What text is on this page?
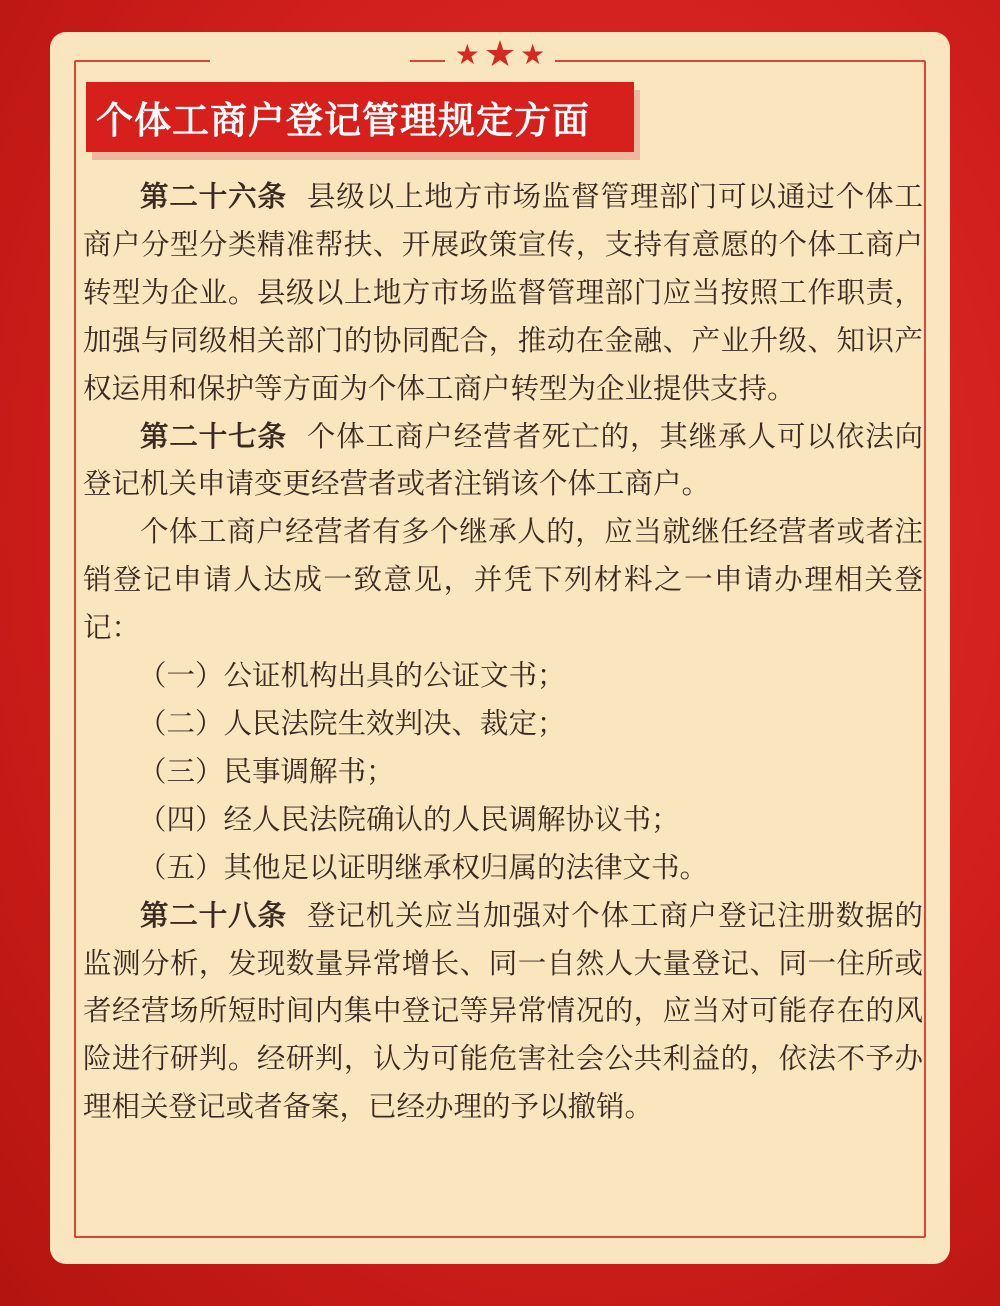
★ ★ ★
个体工商户登记管理规定方面

第二十六条 县级以上地方市场监督管理部门可以通过个体工商户分型分类精准帮扶、开展政策宣传，支持有意愿的个体工商户转型为企业。县级以上地方市场监督管理部门应当按照工作职责，加强与同级相关部门的协同配合，推动在金融、产业升级、知识产权运用和保护等方面为个体工商户转型为企业提供支持。

第二十七条 个体工商户经营者死亡的，其继承人可以依法向登记机关申请变更经营者或者注销该个体工商户。

个体工商户经营者有多个继承人的，应当就继任经营者或者注销登记申请人达成一致意见，并凭下列材料之一申请办理相关登记：

（一）公证机构出具的公证文书；

（二）人民法院生效判决、裁定；

（三）民事调解书；

（四）经人民法院确认的人民调解协议书；

（五）其他足以证明继承权归属的法律文书。

第二十八条 登记机关应当加强对个体工商户登记注册数据的监测分析，发现数量异常增长、同一自然人大量登记、同一住所或者经营场所短时间内集中登记等异常情况的，应当对可能存在的风险进行研判。经研判，认为可能危害社会公共利益的，依法不予办理相关登记或者备案，已经办理的予以撤销。
